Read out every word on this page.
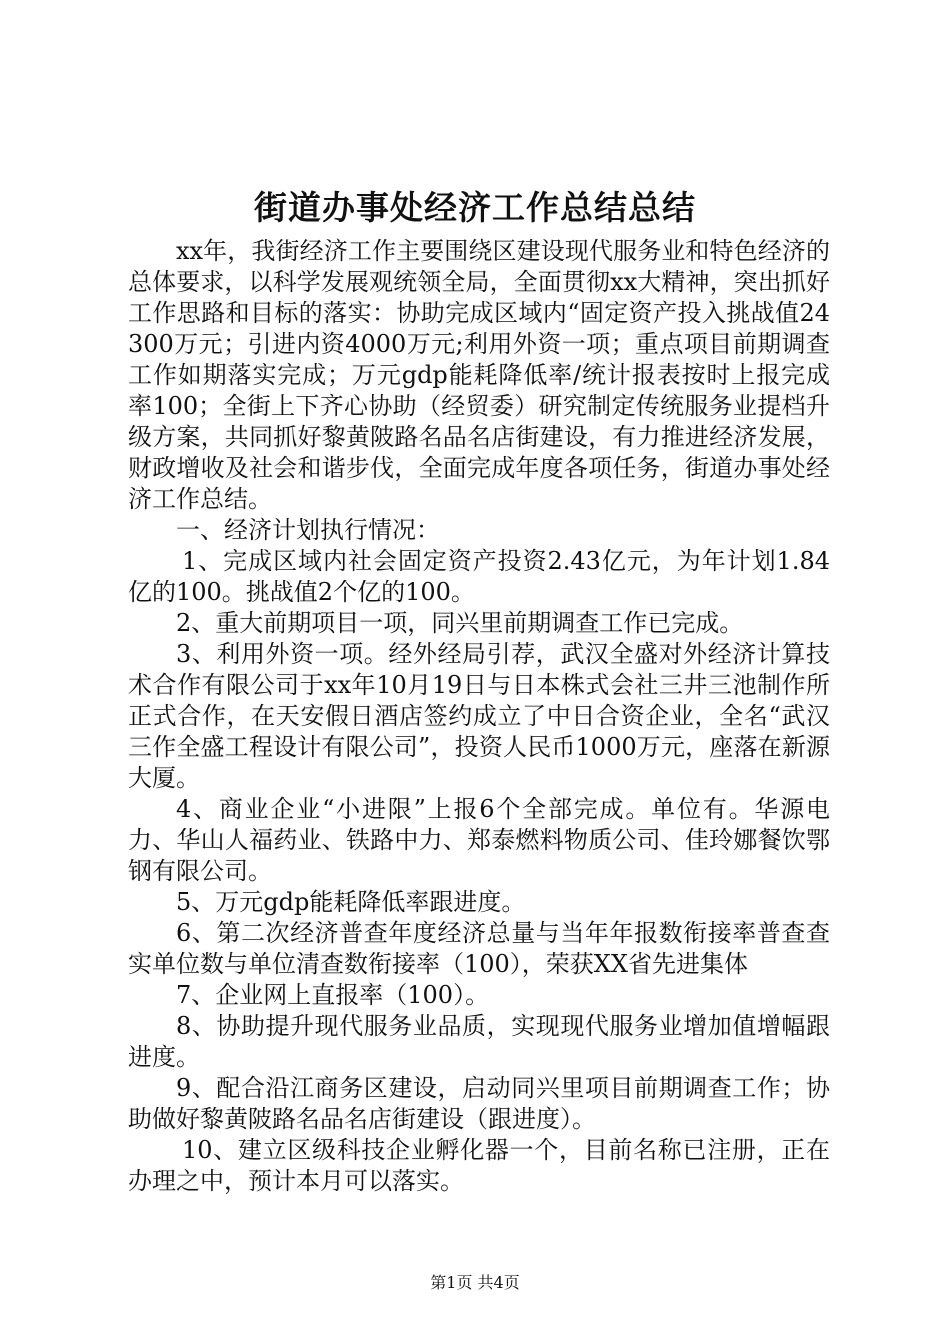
街道办事处经济工作总结总结

xx年，我街经济工作主要围绕区建设现代服务业和特色经济的总体要求，以科学发展观统领全局，全面贯彻xx大精神，突出抓好工作思路和目标的落实：协助完成区域内“固定资产投入挑战值24300万元；引进内资4000万元;利用外资一项；重点项目前期调查工作如期落实完成；万元gdp能耗降低率/统计报表按时上报完成率100；全街上下齐心协助（经贸委）研究制定传统服务业提档升级方案，共同抓好黎黄陂路名品名店街建设，有力推进经济发展，财政增收及社会和谐步伐，全面完成年度各项任务，街道办事处经济工作总结。

一、经济计划执行情况：

1、完成区域内社会固定资产投资2.43亿元，为年计划1.84亿的100。挑战值2个亿的100。

2、重大前期项目一项，同兴里前期调查工作已完成。

3、利用外资一项。经外经局引荐，武汉全盛对外经济计算技术合作有限公司于xx年10月19日与日本株式会社三井三池制作所正式合作，在天安假日酒店签约成立了中日合资企业，全名“武汉三作全盛工程设计有限公司”，投资人民币1000万元，座落在新源大厦。

4、商业企业“小进限”上报6个全部完成。单位有。华源电力、华山人福药业、铁路中力、郑泰燃料物质公司、佳玲娜餐饮鄂钢有限公司。

5、万元gdp能耗降低率跟进度。

6、第二次经济普查年度经济总量与当年年报数衔接率普查查实单位数与单位清查数衔接率（100），荣获XX省先进集体

7、企业网上直报率（100）。

8、协助提升现代服务业品质，实现现代服务业增加值增幅跟进度。

9、配合沿江商务区建设，启动同兴里项目前期调查工作；协助做好黎黄陂路名品名店街建设（跟进度）。

10、建立区级科技企业孵化器一个，目前名称已注册，正在办理之中，预计本月可以落实。

第1页 共4页
